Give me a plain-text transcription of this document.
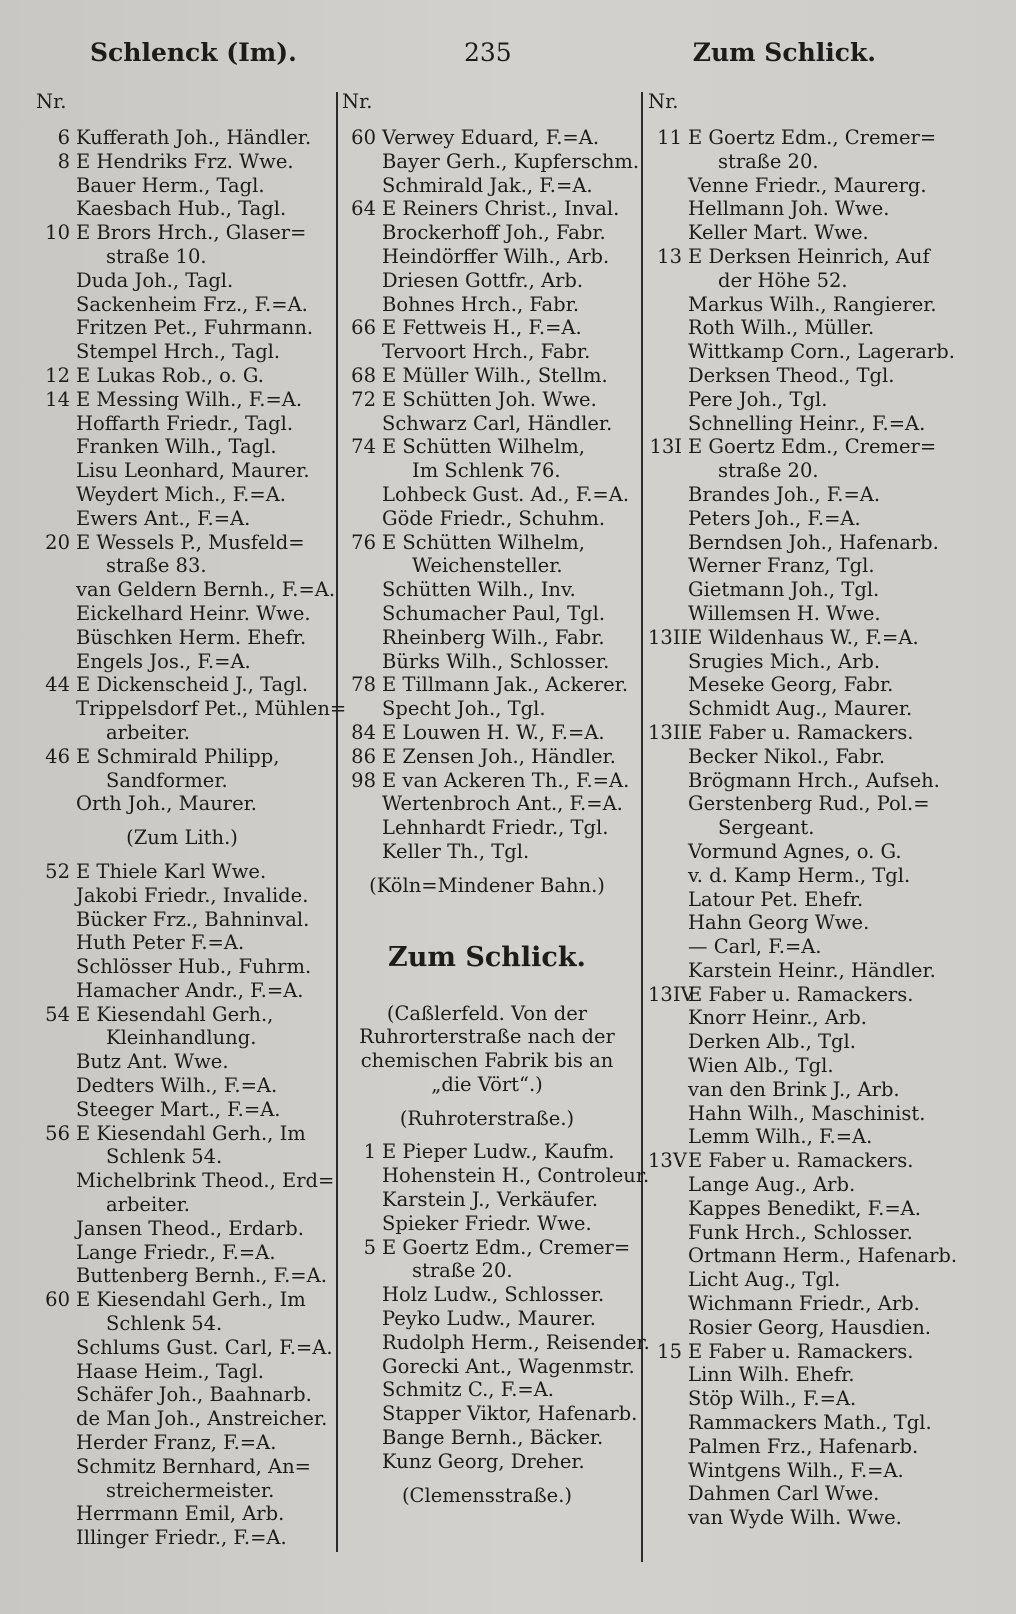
Schlenck (Im).	235	Zum Schlick.
Nr.
6 Kufferath Joh., Händler.
8 E Hendriks Frz. Wwe.
Bauer Herm., Tagl.
Kaesbach Hub., Tagl.
10 E Brors Hrch., Glaser=
straße 10.
Duda Joh., Tagl.
Sackenheim Frz., F.=A.
Fritzen Pet., Fuhrmann.
Stempel Hrch., Tagl.
12 E Lukas Rob., o. G.
14 E Messing Wilh., F.=A.
Hoffarth Friedr., Tagl.
Franken Wilh., Tagl.
Lisu Leonhard, Maurer.
Weydert Mich., F.=A.
Ewers Ant., F.=A.
20 E Wessels P., Musfeld=
straße 83.
van Geldern Bernh., F.=A.
Eickelhard Heinr. Wwe.
Büschken Herm. Ehefr.
Engels Jos., F.=A.
44 E Dickenscheid J., Tagl.
Trippelsdorf Pet., Mühlen=
arbeiter.
46 E Schmirald Philipp,
Sandformer.
Orth Joh., Maurer.
(Zum Lith.)
52 E Thiele Karl Wwe.
Jakobi Friedr., Invalide.
Bücker Frz., Bahninval.
Huth Peter F.=A.
Schlösser Hub., Fuhrm.
Hamacher Andr., F.=A.
54 E Kiesendahl Gerh.,
Kleinhandlung.
Butz Ant. Wwe.
Dedters Wilh., F.=A.
Steeger Mart., F.=A.
56 E Kiesendahl Gerh., Im
Schlenk 54.
Michelbrink Theod., Erd=
arbeiter.
Jansen Theod., Erdarb.
Lange Friedr., F.=A.
Buttenberg Bernh., F.=A.
60 E Kiesendahl Gerh., Im
Schlenk 54.
Schlums Gust. Carl, F.=A.
Haase Heim., Tagl.
Schäfer Joh., Baahnarb.
de Man Joh., Anstreicher.
Herder Franz, F.=A.
Schmitz Bernhard, An=
streichermeister.
Herrmann Emil, Arb.
Illinger Friedr., F.=A.
Nr.
60 Verwey Eduard, F.=A.
Bayer Gerh., Kupferschm.
Schmirald Jak., F.=A.
64 E Reiners Christ., Inval.
Brockerhoff Joh., Fabr.
Heindörffer Wilh., Arb.
Driesen Gottfr., Arb.
Bohnes Hrch., Fabr.
66 E Fettweis H., F.=A.
Tervoort Hrch., Fabr.
68 E Müller Wilh., Stellm.
72 E Schütten Joh. Wwe.
Schwarz Carl, Händler.
74 E Schütten Wilhelm,
Im Schlenk 76.
Lohbeck Gust. Ad., F.=A.
Göde Friedr., Schuhm.
76 E Schütten Wilhelm,
Weichensteller.
Schütten Wilh., Inv.
Schumacher Paul, Tgl.
Rheinberg Wilh., Fabr.
Bürks Wilh., Schlosser.
78 E Tillmann Jak., Ackerer.
Specht Joh., Tgl.
84 E Louwen H. W., F.=A.
86 E Zensen Joh., Händler.
98 E van Ackeren Th., F.=A.
Wertenbroch Ant., F.=A.
Lehnhardt Friedr., Tgl.
Keller Th., Tgl.
(Köln=Mindener Bahn.)
Zum Schlick.
(Caßlerfeld. Von der
Ruhrorterstraße nach der
chemischen Fabrik bis an
„die Vört“.)
(Ruhroterstraße.)
1 E Pieper Ludw., Kaufm.
Hohenstein H., Controleur.
Karstein J., Verkäufer.
Spieker Friedr. Wwe.
5 E Goertz Edm., Cremer=
straße 20.
Holz Ludw., Schlosser.
Peyko Ludw., Maurer.
Rudolph Herm., Reisender.
Gorecki Ant., Wagenmstr.
Schmitz C., F.=A.
Stapper Viktor, Hafenarb.
Bange Bernh., Bäcker.
Kunz Georg, Dreher.
(Clemensstraße.)
Nr.
11 E Goertz Edm., Cremer=
straße 20.
Venne Friedr., Maurerg.
Hellmann Joh. Wwe.
Keller Mart. Wwe.
13 E Derksen Heinrich, Auf
der Höhe 52.
Markus Wilh., Rangierer.
Roth Wilh., Müller.
Wittkamp Corn., Lagerarb.
Derksen Theod., Tgl.
Pere Joh., Tgl.
Schnelling Heinr., F.=A.
13I E Goertz Edm., Cremer=
straße 20.
Brandes Joh., F.=A.
Peters Joh., F.=A.
Berndsen Joh., Hafenarb.
Werner Franz, Tgl.
Gietmann Joh., Tgl.
Willemsen H. Wwe.
13II E Wildenhaus W., F.=A.
Srugies Mich., Arb.
Meseke Georg, Fabr.
Schmidt Aug., Maurer.
13III
E Faber u. Ramackers.
Becker Nikol., Fabr.
Brögmann Hrch., Aufseh.
Gerstenberg Rud., Pol.=
Sergeant.
Vormund Agnes, o. G.
v. d. Kamp Herm., Tgl.
Latour Pet. Ehefr.
Hahn Georg Wwe.
— Carl, F.=A.
Karstein Heinr., Händler.
13IV
E Faber u. Ramackers.
Knorr Heinr., Arb.
Derken Alb., Tgl.
Wien Alb., Tgl.
van den Brink J., Arb.
Hahn Wilh., Maschinist.
Lemm Wilh., F.=A.
13V E Faber u. Ramackers.
Lange Aug., Arb.
Kappes Benedikt, F.=A.
Funk Hrch., Schlosser.
Ortmann Herm., Hafenarb.
Licht Aug., Tgl.
Wichmann Friedr., Arb.
Rosier Georg, Hausdien.
15 E Faber u. Ramackers.
Linn Wilh. Ehefr.
Stöp Wilh., F.=A.
Rammackers Math., Tgl.
Palmen Frz., Hafenarb.
Wintgens Wilh., F.=A.
Dahmen Carl Wwe.
van Wyde Wilh. Wwe.
